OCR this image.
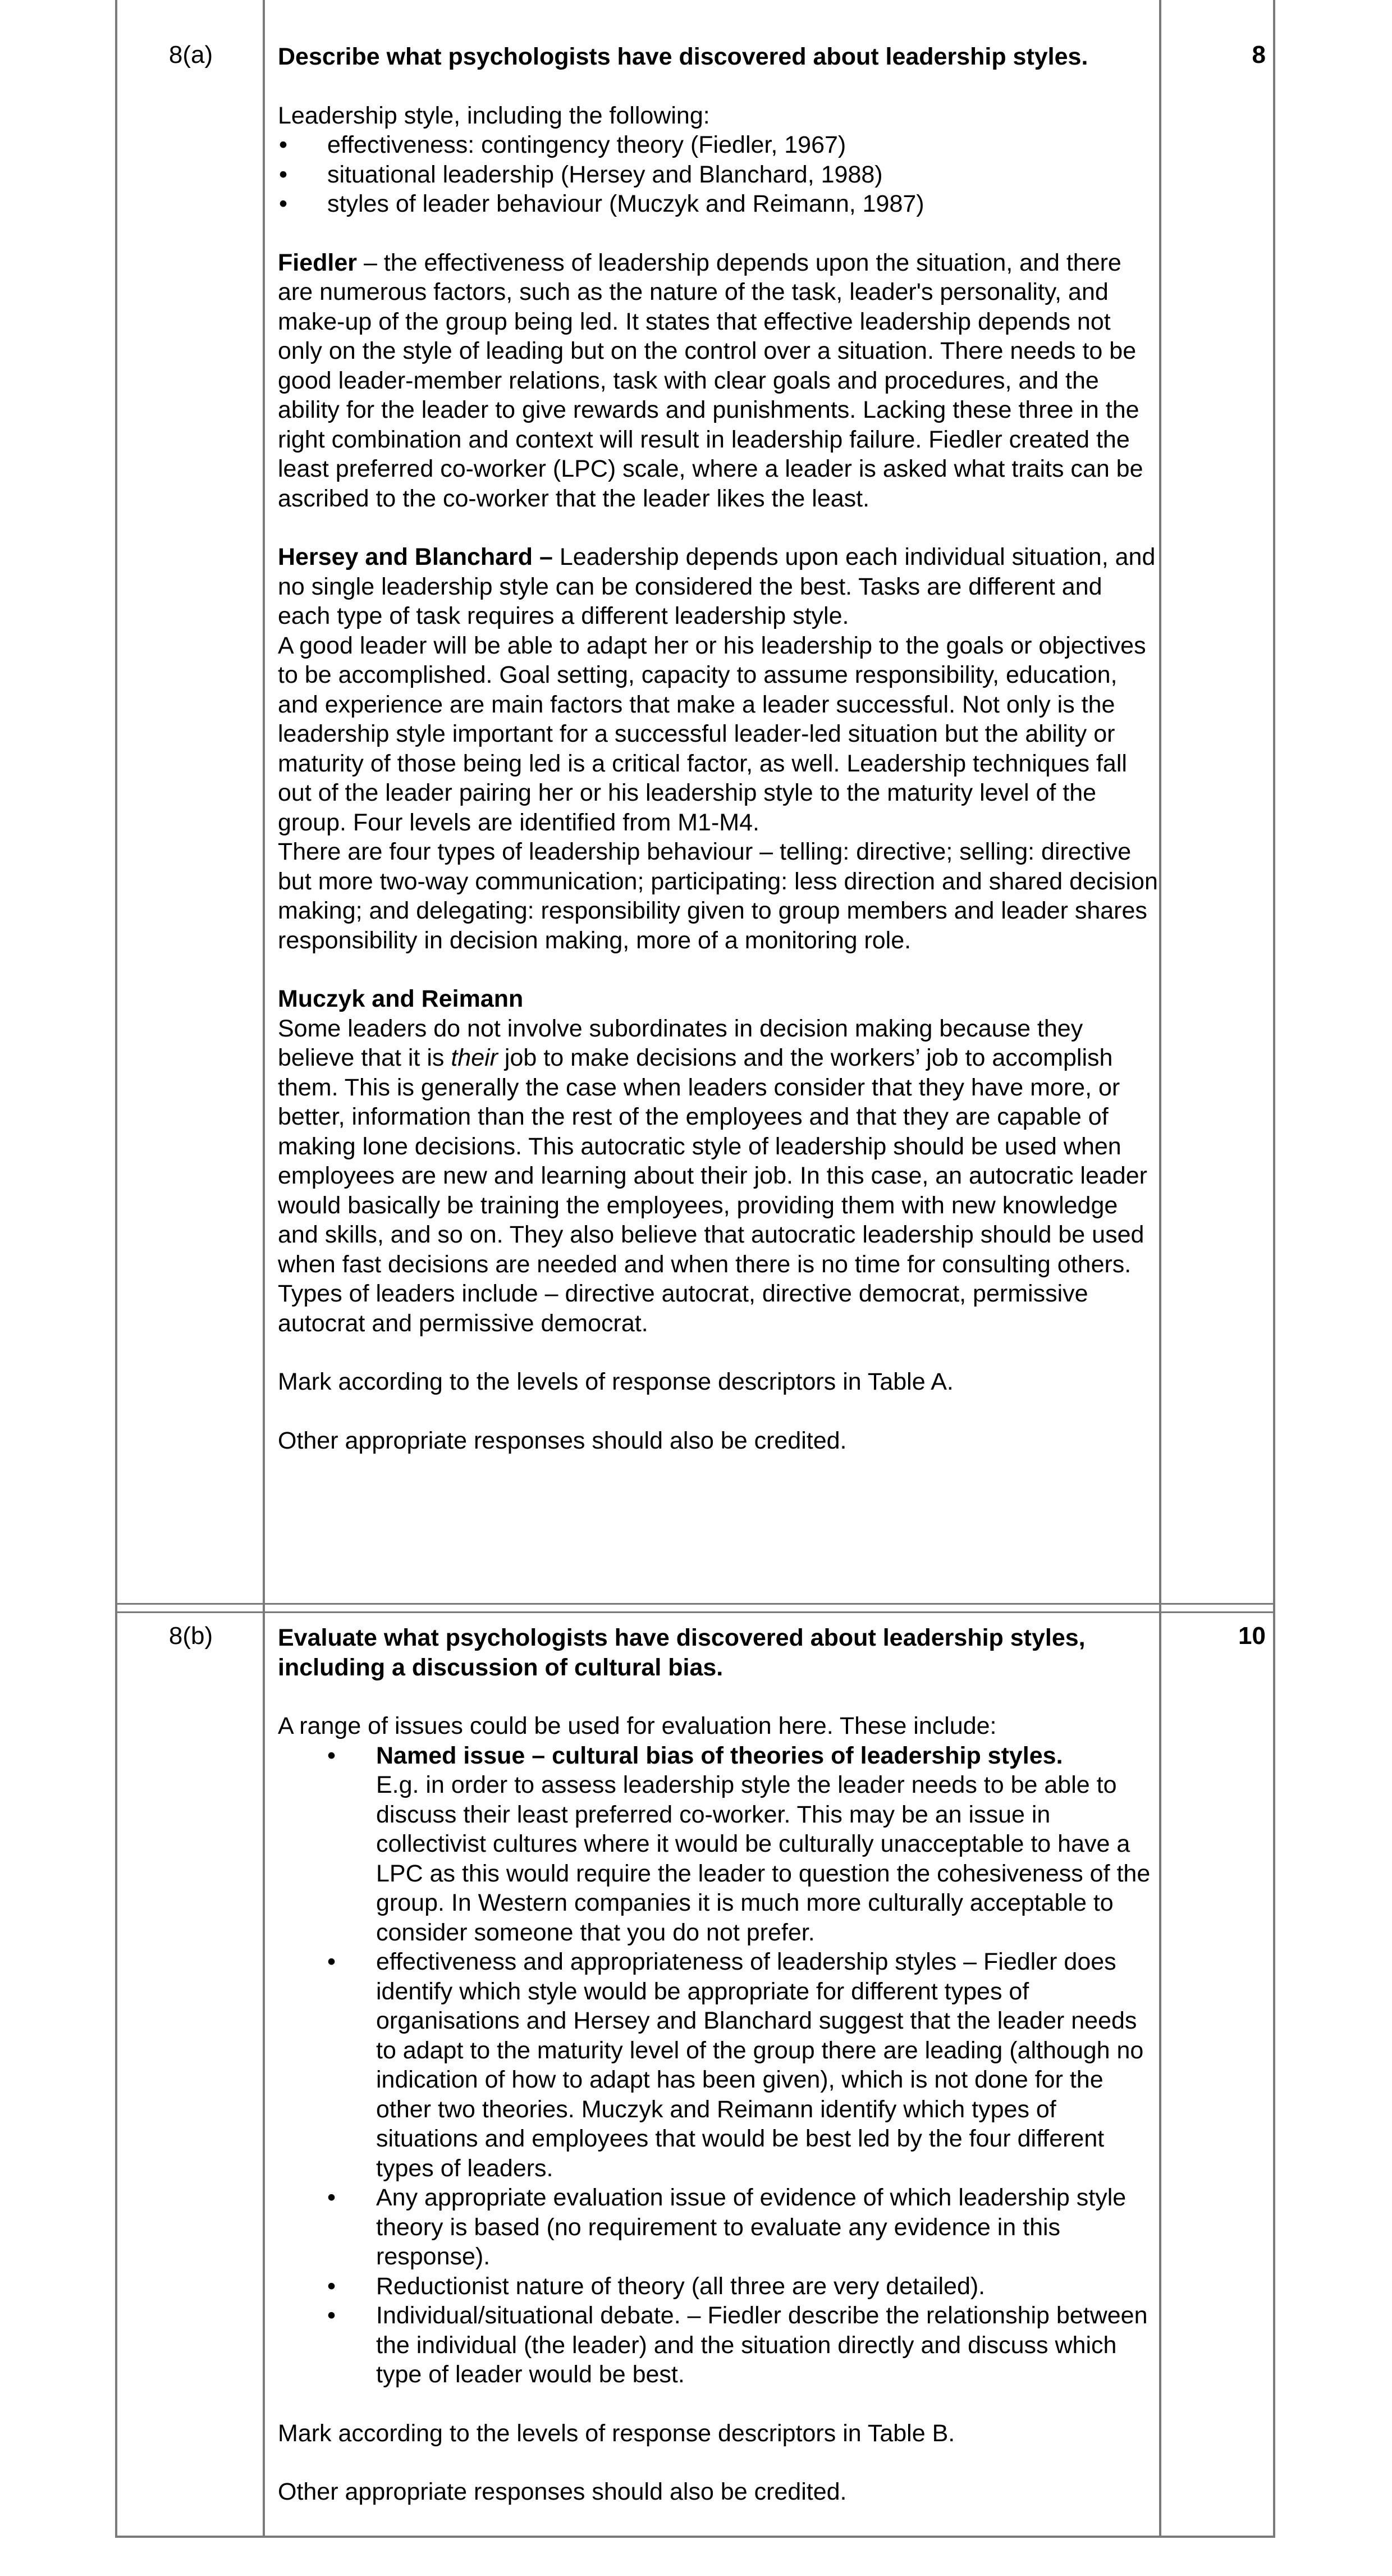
8(a)	8

Describe what psychologists have discovered about leadership styles.

Leadership style, including the following:

• effectiveness: contingency theory (Fiedler, 1967)
• situational leadership (Hersey and Blanchard, 1988)
• styles of leader behaviour (Muczyk and Reimann, 1987)

Fiedler – the effectiveness of leadership depends upon the situation, and there are numerous factors, such as the nature of the task, leader's personality, and make-up of the group being led. It states that effective leadership depends not only on the style of leading but on the control over a situation. There needs to be good leader-member relations, task with clear goals and procedures, and the ability for the leader to give rewards and punishments. Lacking these three in the right combination and context will result in leadership failure. Fiedler created the least preferred co-worker (LPC) scale, where a leader is asked what traits can be ascribed to the co-worker that the leader likes the least.

Hersey and Blanchard – Leadership depends upon each individual situation, and no single leadership style can be considered the best. Tasks are different and each type of task requires a different leadership style.

A good leader will be able to adapt her or his leadership to the goals or objectives to be accomplished. Goal setting, capacity to assume responsibility, education, and experience are main factors that make a leader successful. Not only is the leadership style important for a successful leader-led situation but the ability or maturity of those being led is a critical factor, as well. Leadership techniques fall out of the leader pairing her or his leadership style to the maturity level of the group. Four levels are identified from M1-M4.

There are four types of leadership behaviour – telling: directive; selling: directive but more two-way communication; participating: less direction and shared decision making; and delegating: responsibility given to group members and leader shares responsibility in decision making, more of a monitoring role.

Muczyk and Reimann

Some leaders do not involve subordinates in decision making because they believe that it is their job to make decisions and the workers’ job to accomplish them. This is generally the case when leaders consider that they have more, or better, information than the rest of the employees and that they are capable of making lone decisions. This autocratic style of leadership should be used when employees are new and learning about their job. In this case, an autocratic leader would basically be training the employees, providing them with new knowledge and skills, and so on. They also believe that autocratic leadership should be used when fast decisions are needed and when there is no time for consulting others. Types of leaders include – directive autocrat, directive democrat, permissive autocrat and permissive democrat.

Mark according to the levels of response descriptors in Table A.

Other appropriate responses should also be credited.

8(b)	10

Evaluate what psychologists have discovered about leadership styles, including a discussion of cultural bias.

A range of issues could be used for evaluation here. These include:

• Named issue – cultural bias of theories of leadership styles.
E.g. in order to assess leadership style the leader needs to be able to discuss their least preferred co-worker. This may be an issue in collectivist cultures where it would be culturally unacceptable to have a LPC as this would require the leader to question the cohesiveness of the group. In Western companies it is much more culturally acceptable to consider someone that you do not prefer.
• effectiveness and appropriateness of leadership styles – Fiedler does identify which style would be appropriate for different types of organisations and Hersey and Blanchard suggest that the leader needs to adapt to the maturity level of the group there are leading (although no indication of how to adapt has been given), which is not done for the other two theories. Muczyk and Reimann identify which types of situations and employees that would be best led by the four different types of leaders.
• Any appropriate evaluation issue of evidence of which leadership style theory is based (no requirement to evaluate any evidence in this response).
• Reductionist nature of theory (all three are very detailed).
• Individual/situational debate. – Fiedler describe the relationship between the individual (the leader) and the situation directly and discuss which type of leader would be best.

Mark according to the levels of response descriptors in Table B.

Other appropriate responses should also be credited.
